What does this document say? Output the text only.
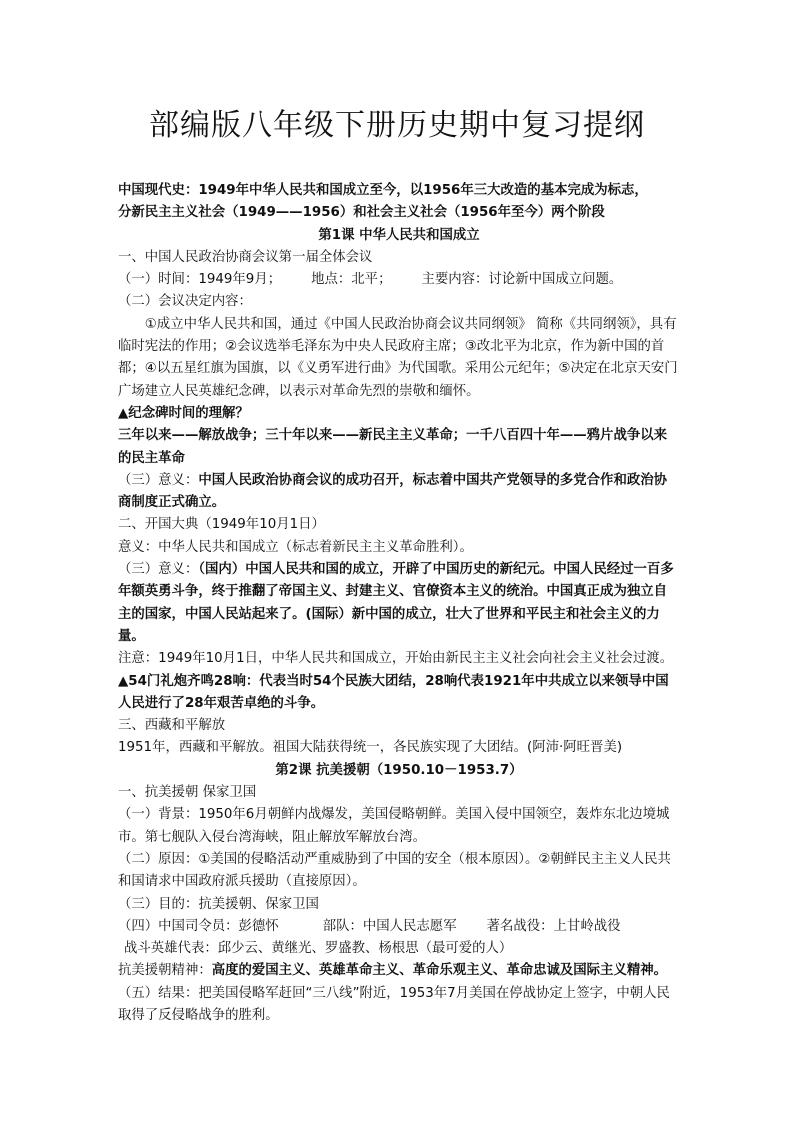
部编版八年级下册历史期中复习提纲

中国现代史：1949年中华人民共和国成立至今，以1956年三大改造的基本完成为标志，

分新民主主义社会（1949——1956）和社会主义社会（1956年至今）两个阶段

第1课 中华人民共和国成立

一、中国人民政治协商会议第一届全体会议

（一）时间：1949年9月； 地点：北平； 主要内容：讨论新中国成立问题。

（二）会议决定内容：

①成立中华人民共和国，通过《中国人民政治协商会议共同纲领》 简称《共同纲领》，具有临时宪法的作用；②会议选举毛泽东为中央人民政府主席；③改北平为北京，作为新中国的首都；④以五星红旗为国旗，以《义勇军进行曲》为代国歌。采用公元纪年；⑤决定在北京天安门广场建立人民英雄纪念碑，以表示对革命先烈的崇敬和缅怀。

▲纪念碑时间的理解？

三年以来——解放战争；三十年以来——新民主主义革命；一千八百四十年——鸦片战争以来的民主革命

（三）意义：中国人民政治协商会议的成功召开，标志着中国共产党领导的多党合作和政治协商制度正式确立。

二、开国大典（1949年10月1日）

意义：中华人民共和国成立（标志着新民主主义革命胜利）。

（三）意义：（国内）中国人民共和国的成立，开辟了中国历史的新纪元。中国人民经过一百多年额英勇斗争，终于推翻了帝国主义、封建主义、官僚资本主义的统治。中国真正成为独立自主的国家，中国人民站起来了。(国际）新中国的成立，壮大了世界和平民主和社会主义的力量。

注意：1949年10月1日，中华人民共和国成立，开始由新民主主义社会向社会主义社会过渡。

▲54门礼炮齐鸣28响：代表当时54个民族大团结，28响代表1921年中共成立以来领导中国人民进行了28年艰苦卓绝的斗争。

三、西藏和平解放

1951年，西藏和平解放。祖国大陆获得统一，各民族实现了大团结。(阿沛·阿旺晋美)

第2课 抗美援朝（1950.10－1953.7）

一、抗美援朝 保家卫国

（一）背景：1950年6月朝鲜内战爆发，美国侵略朝鲜。美国入侵中国领空，轰炸东北边境城市。第七舰队入侵台湾海峡，阻止解放军解放台湾。

（二）原因：①美国的侵略活动严重威胁到了中国的安全（根本原因）。②朝鲜民主主义人民共和国请求中国政府派兵援助（直接原因）。

（三）目的：抗美援朝、保家卫国

（四）中国司令员：彭德怀	部队：中国人民志愿军 著名战役：上甘岭战役

战斗英雄代表：邱少云、黄继光、罗盛教、杨根思（最可爱的人）

抗美援朝精神：高度的爱国主义、英雄革命主义、革命乐观主义、革命忠诚及国际主义精神。

（五）结果：把美国侵略军赶回“三八线”附近，1953年7月美国在停战协定上签字，中朝人民取得了反侵略战争的胜利。
